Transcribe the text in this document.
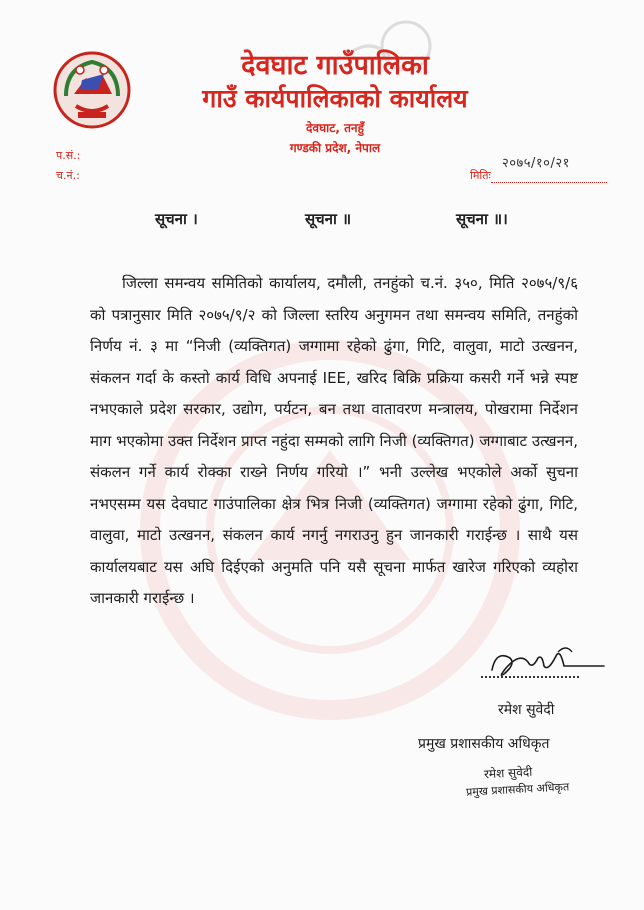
देवघाट गाउँपालिका
गाउँ कार्यपालिकाको कार्यालय
देवघाट, तनहुँ
गण्डकी प्रदेश, नेपाल
प.सं.:
च.नं.:
२०७५/१०/२१
मितिः
सूचना ।	सूचना ॥	सूचना ॥।
जिल्ला समन्वय समितिको कार्यालय, दमौली, तनहुंको च.नं. ३५०, मिति २०७५/९/६ को पत्रानुसार मिति २०७५/९/२ को जिल्ला स्तरिय अनुगमन तथा समन्वय समिति, तनहुंको निर्णय नं. ३ मा “निजी (व्यक्तिगत) जग्गामा रहेको ढुंगा, गिटि, वालुवा, माटो उत्खनन, संकलन गर्दा के कस्तो कार्य विधि अपनाई IEE, खरिद बिक्रि प्रक्रिया कसरी गर्ने भन्ने स्पष्ट नभएकाले प्रदेश सरकार, उद्योग, पर्यटन, बन तथा वातावरण मन्त्रालय, पोखरामा निर्देशन माग भएकोमा उक्त निर्देशन प्राप्त नहुंदा सम्मको लागि निजी (व्यक्तिगत) जग्गाबाट उत्खनन, संकलन गर्ने कार्य रोक्का राख्ने निर्णय गरियो ।” भनी उल्लेख भएकोले अर्को सुचना नभएसम्म यस देवघाट गाउंपालिका क्षेत्र भित्र निजी (व्यक्तिगत) जग्गामा रहेको ढुंगा, गिटि, वालुवा, माटो उत्खनन, संकलन कार्य नगर्नु नगराउनु हुन जानकारी गराईन्छ । साथै यस कार्यालयबाट यस अघि दिईएको अनुमति पनि यसै सूचना मार्फत खारेज गरिएको व्यहोरा जानकारी गराईन्छ ।
रमेश सुवेदी
प्रमुख प्रशासकीय अधिकृत
रमेश सुवेदी
प्रमुख प्रशासकीय अधिकृत
